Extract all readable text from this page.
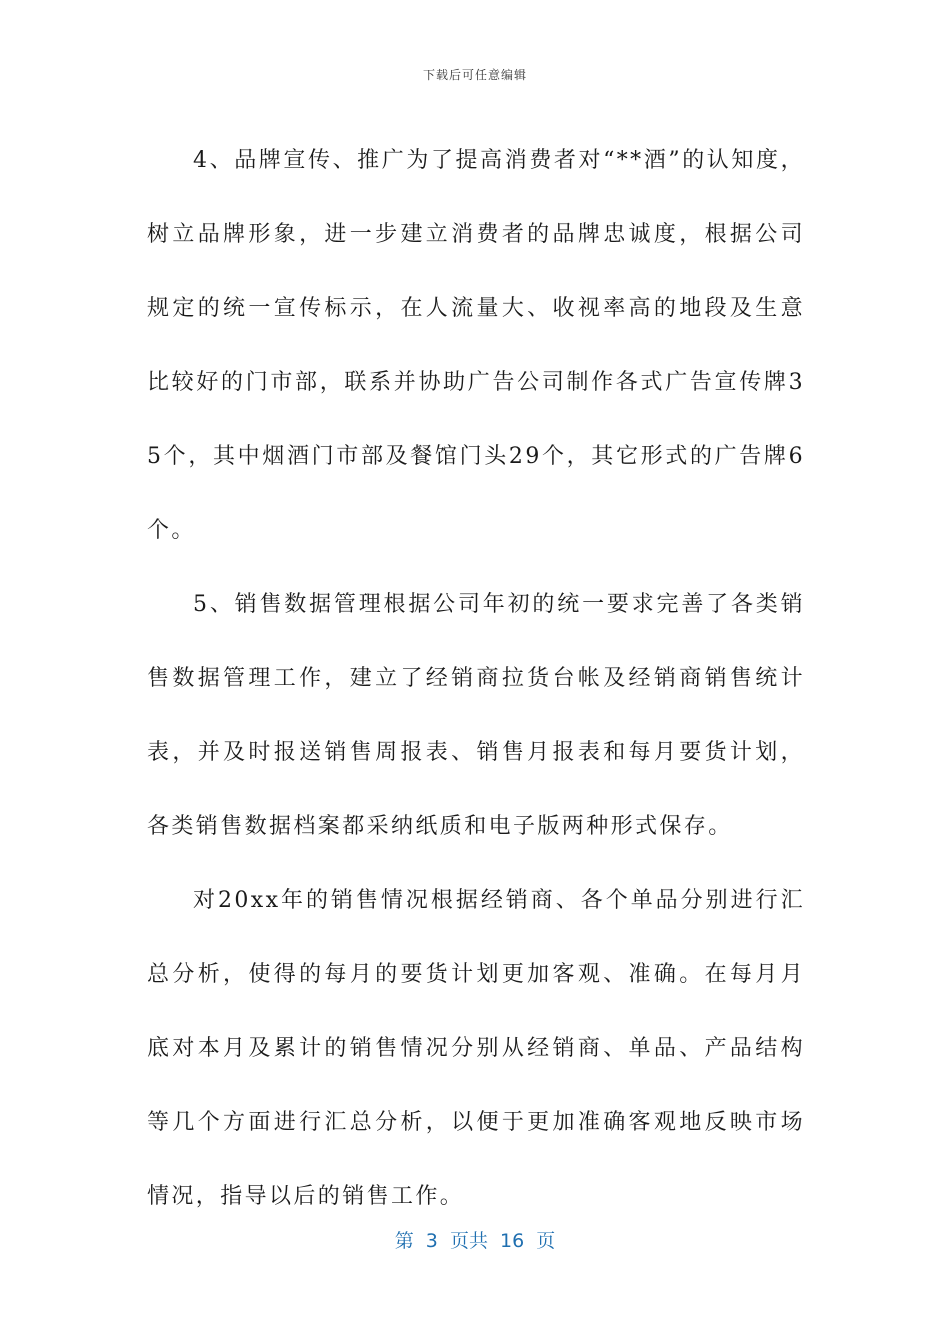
下载后可任意编辑

4、品牌宣传、推广为了提高消费者对“**酒”的认知度，树立品牌形象，进一步建立消费者的品牌忠诚度，根据公司规定的统一宣传标示，在人流量大、收视率高的地段及生意比较好的门市部，联系并协助广告公司制作各式广告宣传牌35个，其中烟酒门市部及餐馆门头29个，其它形式的广告牌6个。

5、销售数据管理根据公司年初的统一要求完善了各类销售数据管理工作，建立了经销商拉货台帐及经销商销售统计表，并及时报送销售周报表、销售月报表和每月要货计划，各类销售数据档案都采纳纸质和电子版两种形式保存。

对20xx年的销售情况根据经销商、各个单品分别进行汇总分析，使得的每月的要货计划更加客观、准确。在每月月底对本月及累计的销售情况分别从经销商、单品、产品结构等几个方面进行汇总分析，以便于更加准确客观地反映市场情况，指导以后的销售工作。

第  3  页共  16  页
